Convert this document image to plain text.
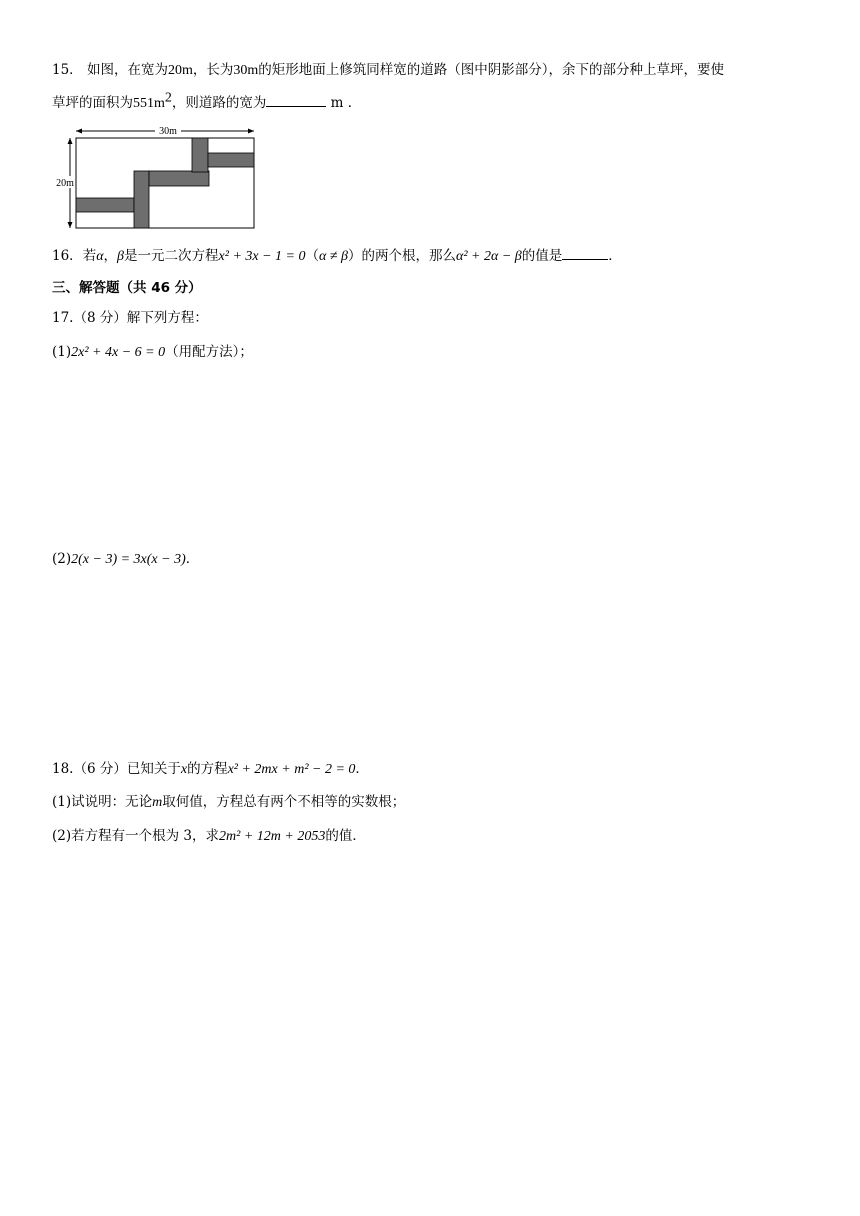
15． 如图，在宽为20m，长为30m的矩形地面上修筑同样宽的道路（图中阴影部分），余下的部分种上草坪，要使
草坪的面积为$551m^2$，则道路的宽为	m ．
30m
20m
16．若α，β是一元二次方程x² + 3x − 1 = 0（α ≠ β）的两个根，那么α² + 2α − β的值是	．
三、解答题（共 46 分）
17.（8 分）解下列方程：
(1)2x² + 4x − 6 = 0（用配方法）；
(2)2(x − 3) = 3x(x − 3)．
18.（6 分）已知关于x的方程x² + 2mx + m² − 2 = 0．
(1)试说明：无论m取何值，方程总有两个不相等的实数根；
(2)若方程有一个根为 3，求2m² + 12m + 2053的值．
